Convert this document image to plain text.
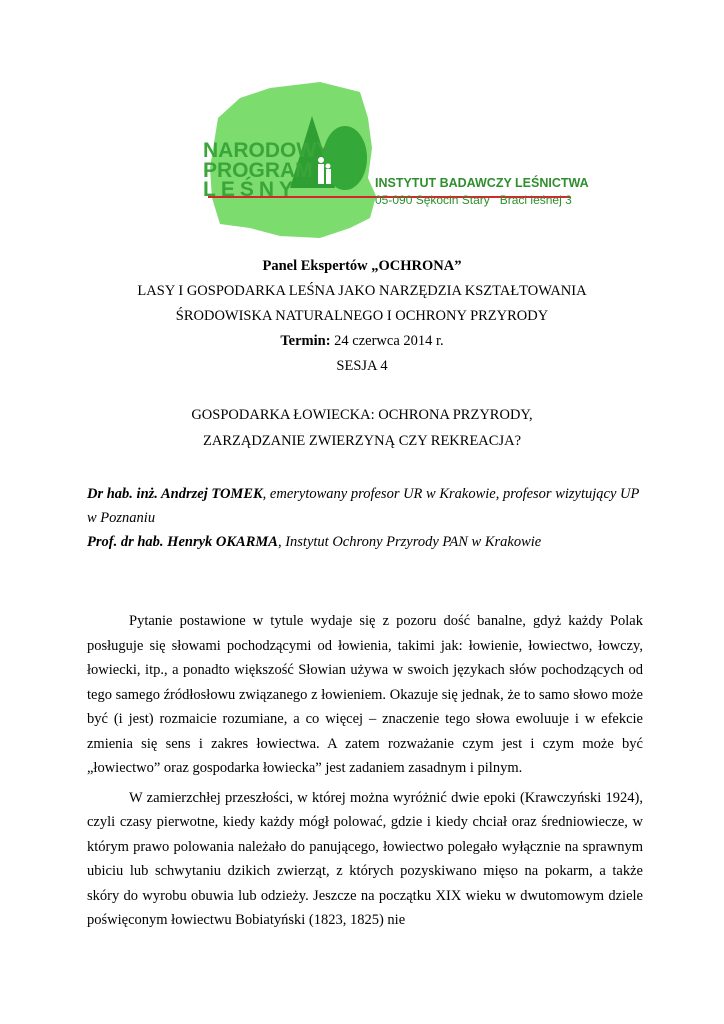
NARODOWY
PROGRAM
LEŚNY	INSTYTUT BADAWCZY LEŚNICTWA
05-090 Sękocin Stary Braci leśnej 3
Panel Ekspertów „OCHRONA”
LASY I GOSPODARKA LEŚNA JAKO NARZĘDZIA KSZTAŁTOWANIA
ŚRODOWISKA NATURALNEGO I OCHRONY PRZYRODY
Termin: 24 czerwca 2014 r.
SESJA 4
GOSPODARKA ŁOWIECKA: OCHRONA PRZYRODY,
ZARZĄDZANIE ZWIERZYNĄ CZY REKREACJA?
Dr hab. inż. Andrzej TOMEK, emerytowany profesor UR w Krakowie, profesor wizytujący UP w Poznaniu
Prof. dr hab. Henryk OKARMA, Instytut Ochrony Przyrody PAN w Krakowie

Pytanie postawione w tytule wydaje się z pozoru dość banalne, gdyż każdy Polak posługuje się słowami pochodzącymi od łowienia, takimi jak: łowienie, łowiectwo, łowczy, łowiecki, itp., a ponadto większość Słowian używa w swoich językach słów pochodzących od tego samego źródłosłowu związanego z łowieniem. Okazuje się jednak, że to samo słowo może być (i jest) rozmaicie rozumiane, a co więcej – znaczenie tego słowa ewoluuje i w efekcie zmienia się sens i zakres łowiectwa. A zatem rozważanie czym jest i czym może być „łowiectwo” oraz gospodarka łowiecka” jest zadaniem zasadnym i pilnym.

W zamierzchłej przeszłości, w której można wyróżnić dwie epoki (Krawczyński 1924), czyli czasy pierwotne, kiedy każdy mógł polować, gdzie i kiedy chciał oraz średniowiecze, w którym prawo polowania należało do panującego, łowiectwo polegało wyłącznie na sprawnym ubiciu lub schwytaniu dzikich zwierząt, z których pozyskiwano mięso na pokarm, a także skóry do wyrobu obuwia lub odzieży. Jeszcze na początku XIX wieku w dwutomowym dziele poświęconym łowiectwu Bobiatyński (1823, 1825) nie
